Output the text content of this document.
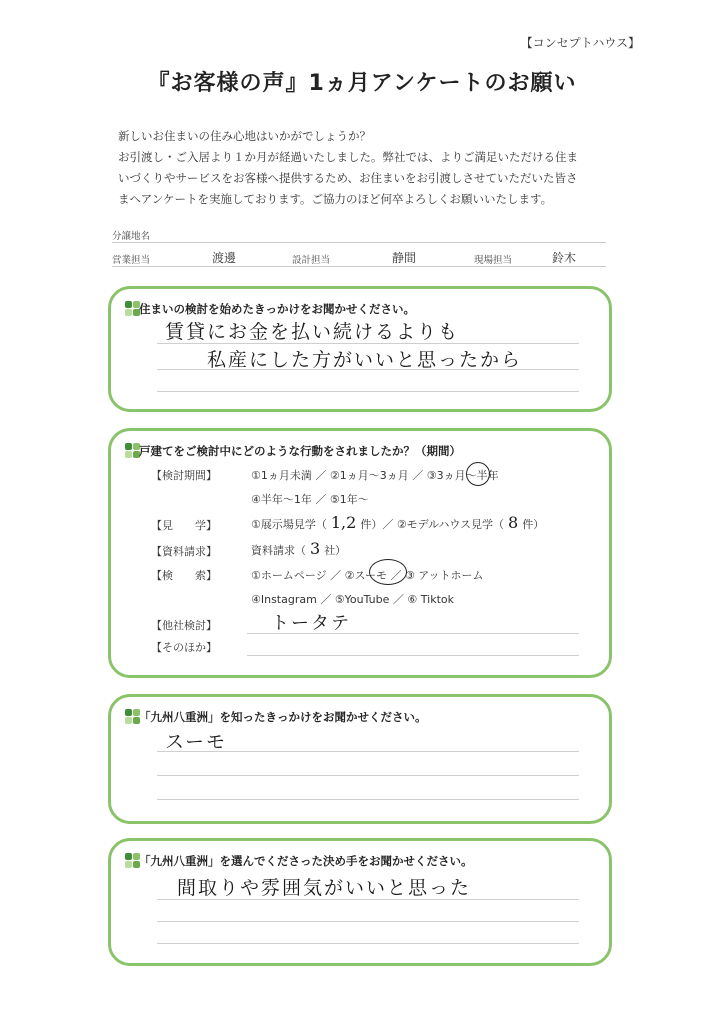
【コンセプトハウス】
『お客様の声』1ヵ月アンケートのお願い
新しいお住まいの住み心地はいかがでしょうか？
お引渡し・ご入居より１か月が経過いたしました。弊社では、よりご満足いただける住ま
いづくりやサービスをお客様へ提供するため、お住まいをお引渡しさせていただいた皆さ
まへアンケートを実施しております。ご協力のほど何卒よろしくお願いいたします。
分譲地名
営業担当	渡邊	設計担当	静間	現場担当	鈴木
住まいの検討を始めたきっかけをお聞かせください。
賃貸にお金を払い続けるよりも
私産にした方がいいと思ったから
戸建てをご検討中にどのような行動をされましたか？（期間）
【検討期間】	①1ヵ月未満 ／ ②1ヵ月～3ヵ月 ／ ③3ヵ月～半年
④半年～1年 ／ ⑤1年～
【見　　学】	①展示場見学（ 1,2 件）／ ②モデルハウス見学（ 8 件）
【資料請求】	資料請求（ 3 社）
【検　　索】	①ホームページ ／ ②スーモ ／ ③ アットホーム
④Instagram ／ ⑤YouTube ／ ⑥ Tiktok
【他社検討】	トータテ
【そのほか】
「九州八重洲」を知ったきっかけをお聞かせください。
スーモ
「九州八重洲」を選んでくださった決め手をお聞かせください。
間取りや雰囲気がいいと思った
